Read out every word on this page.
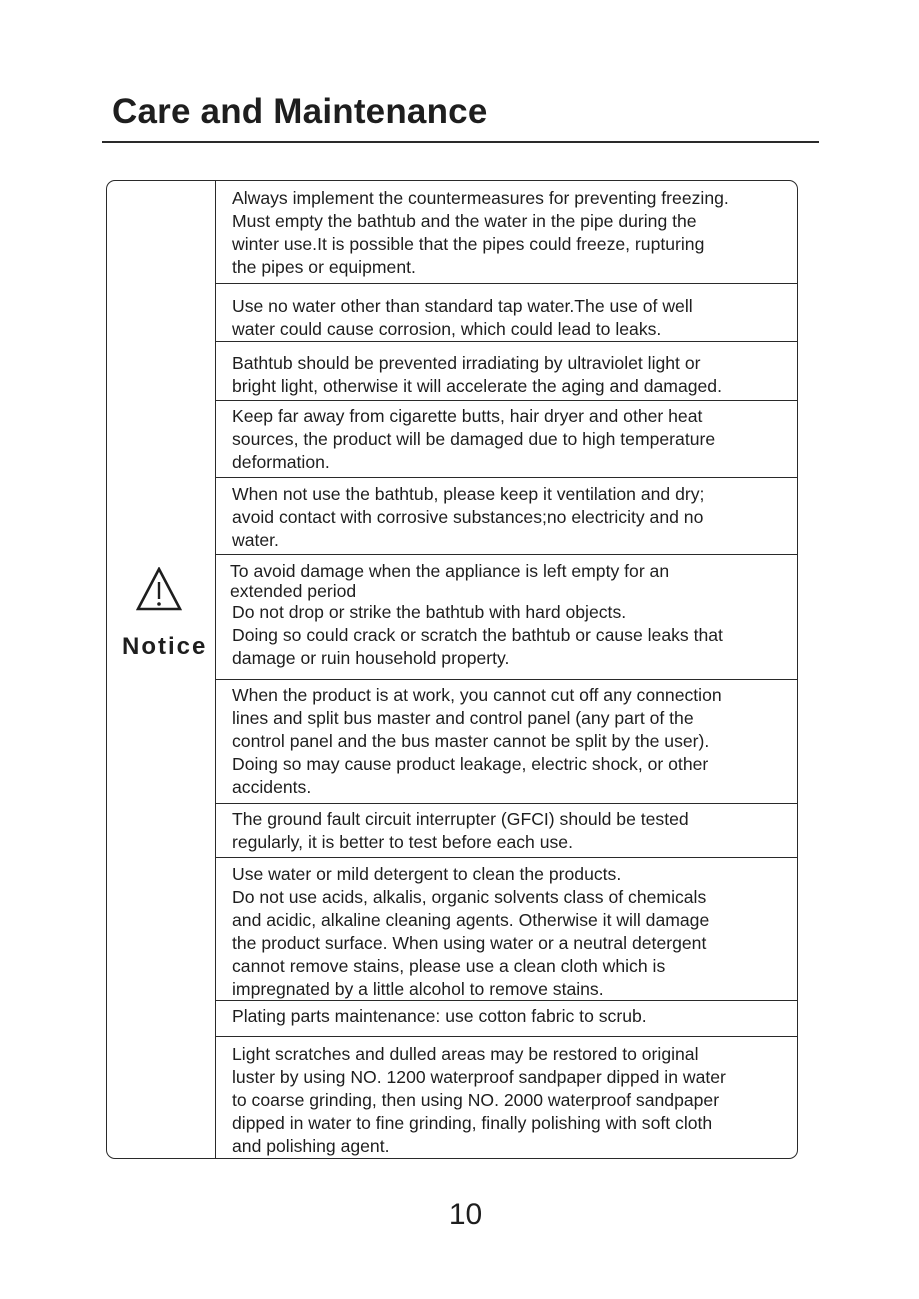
Care and Maintenance
Notice

Always implement the countermeasures for preventing freezing.

Must empty the bathtub and the water in the pipe during the

winter use.It is possible that the pipes could freeze, rupturing

the pipes or equipment.

Use no water other than standard tap water.The use of well

water could cause corrosion, which could lead to leaks.

Bathtub should be prevented irradiating by ultraviolet light or

bright light, otherwise it will accelerate the aging and damaged.

Keep far away from cigarette butts, hair dryer and other heat

sources, the product will be damaged due to high temperature

deformation.

When not use the bathtub, please keep it ventilation and dry;

avoid contact with corrosive substances;no electricity and no

water.

To avoid damage when the appliance is left empty for an

extended period

Do not drop or strike the bathtub with hard objects.

Doing so could crack or scratch the bathtub or cause leaks that

damage or ruin household property.

When the product is at work, you cannot cut off any connection

lines and split bus master and control panel (any part of the

control panel and the bus master cannot be split by the user).

Doing so may cause product leakage, electric shock, or other

accidents.

The ground fault circuit interrupter (GFCI) should be tested

regularly, it is better to test before each use.

Use water or mild detergent to clean the products.

Do not use acids, alkalis, organic solvents class of chemicals

and acidic, alkaline cleaning agents. Otherwise it will damage

the product surface. When using water or a neutral detergent

cannot remove stains, please use a clean cloth which is

impregnated by a little alcohol to remove stains.

Plating parts maintenance: use cotton fabric to scrub.

Light scratches and dulled areas may be restored to original

luster by using NO. 1200 waterproof sandpaper dipped in water

to coarse grinding, then using NO. 2000 waterproof sandpaper

dipped in water to fine grinding, finally polishing with soft cloth

and polishing agent.

10
